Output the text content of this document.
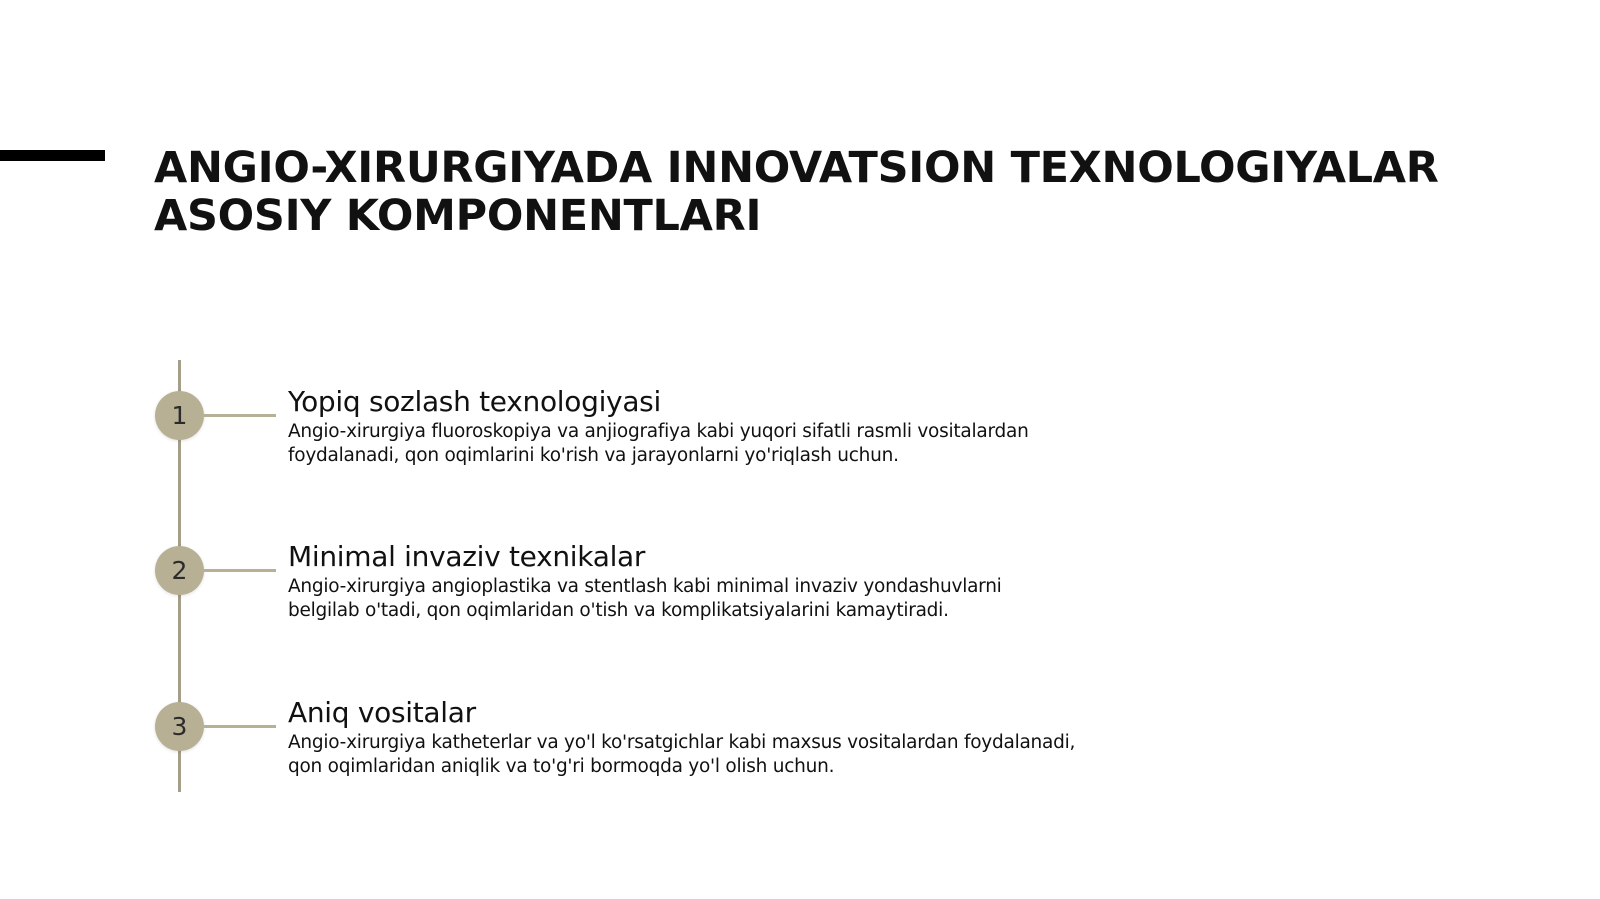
ANGIO-XIRURGIYADA INNOVATSION TEXNOLOGIYALAR
ASOSIY KOMPONENTLARI
1	Yopiq sozlash texnologiyasi

Angio-xirurgiya fluoroskopiya va anjiografiya kabi yuqori sifatli rasmli vositalardan
foydalanadi, qon oqimlarini ko'rish va jarayonlarni yo'riqlash uchun.

2	Minimal invaziv texnikalar

Angio-xirurgiya angioplastika va stentlash kabi minimal invaziv yondashuvlarni
belgilab o'tadi, qon oqimlaridan o'tish va komplikatsiyalarini kamaytiradi.

3	Aniq vositalar

Angio-xirurgiya katheterlar va yo'l ko'rsatgichlar kabi maxsus vositalardan foydalanadi,
qon oqimlaridan aniqlik va to'g'ri bormoqda yo'l olish uchun.
